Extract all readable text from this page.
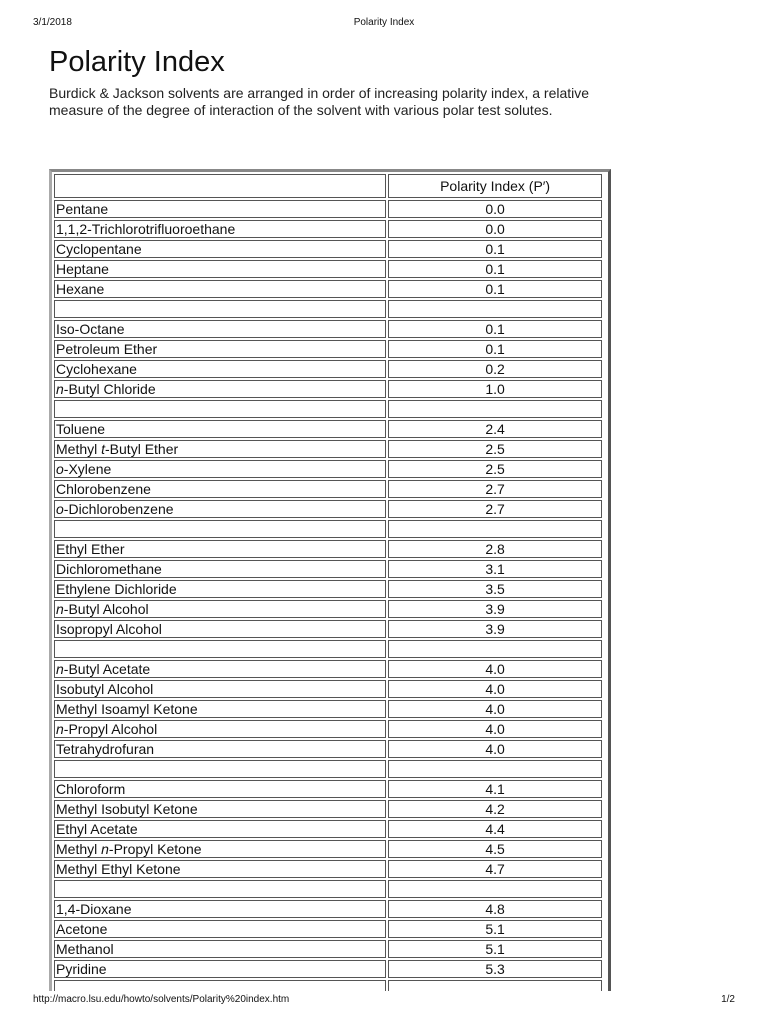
3/1/2018	Polarity Index
Polarity Index

Burdick & Jackson solvents are arranged in order of increasing polarity index, a relative measure of the degree of interaction of the solvent with various polar test solutes.

	Polarity Index (P′)
Pentane	0.0
1,1,2-Trichlorotrifluoroethane	0.0
Cyclopentane	0.1
Heptane	0.1
Hexane	0.1

Iso-Octane	0.1
Petroleum Ether	0.1
Cyclohexane	0.2
n-Butyl Chloride	1.0

Toluene	2.4
Methyl t-Butyl Ether	2.5
o-Xylene	2.5
Chlorobenzene	2.7
o-Dichlorobenzene	2.7

Ethyl Ether	2.8
Dichloromethane	3.1
Ethylene Dichloride	3.5
n-Butyl Alcohol	3.9
Isopropyl Alcohol	3.9

n-Butyl Acetate	4.0
Isobutyl Alcohol	4.0
Methyl Isoamyl Ketone	4.0
n-Propyl Alcohol	4.0
Tetrahydrofuran	4.0

Chloroform	4.1
Methyl Isobutyl Ketone	4.2
Ethyl Acetate	4.4
Methyl n-Propyl Ketone	4.5
Methyl Ethyl Ketone	4.7

1,4-Dioxane	4.8
Acetone	5.1
Methanol	5.1
Pyridine	5.3

http://macro.lsu.edu/howto/solvents/Polarity%20index.htm	1/2
